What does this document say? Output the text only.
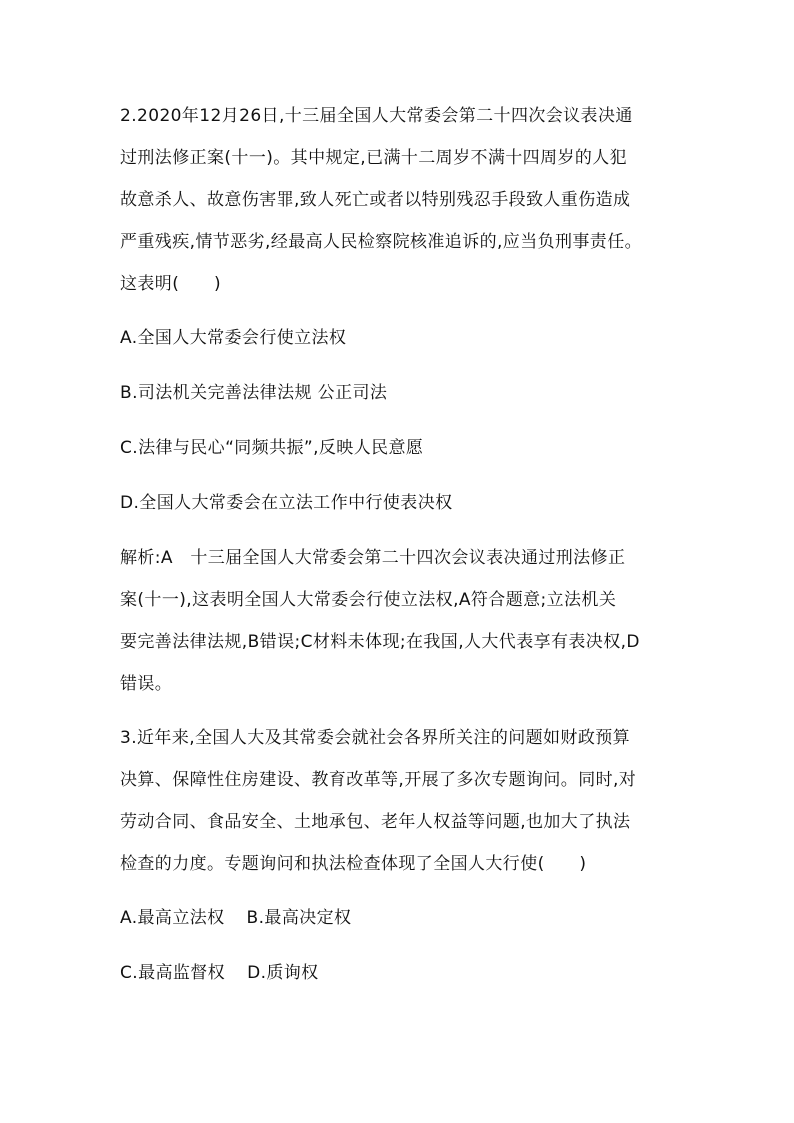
2.2020年12月26日,十三届全国人大常委会第二十四次会议表决通
过刑法修正案(十一)。其中规定,已满十二周岁不满十四周岁的人犯
故意杀人、故意伤害罪,致人死亡或者以特别残忍手段致人重伤造成
严重残疾,情节恶劣,经最高人民检察院核准追诉的,应当负刑事责任。
这表明(　　)
A.全国人大常委会行使立法权
B.司法机关完善法律法规 公正司法
C.法律与民心“同频共振”,反映人民意愿
D.全国人大常委会在立法工作中行使表决权
解析:A　十三届全国人大常委会第二十四次会议表决通过刑法修正
案(十一),这表明全国人大常委会行使立法权,A符合题意;立法机关
要完善法律法规,B错误;C材料未体现;在我国,人大代表享有表决权,D
错误。
3.近年来,全国人大及其常委会就社会各界所关注的问题如财政预算
决算、保障性住房建设、教育改革等,开展了多次专题询问。同时,对
劳动合同、食品安全、土地承包、老年人权益等问题,也加大了执法
检查的力度。专题询问和执法检查体现了全国人大行使(　　)
A.最高立法权 B.最高决定权
C.最高监督权 D.质询权
